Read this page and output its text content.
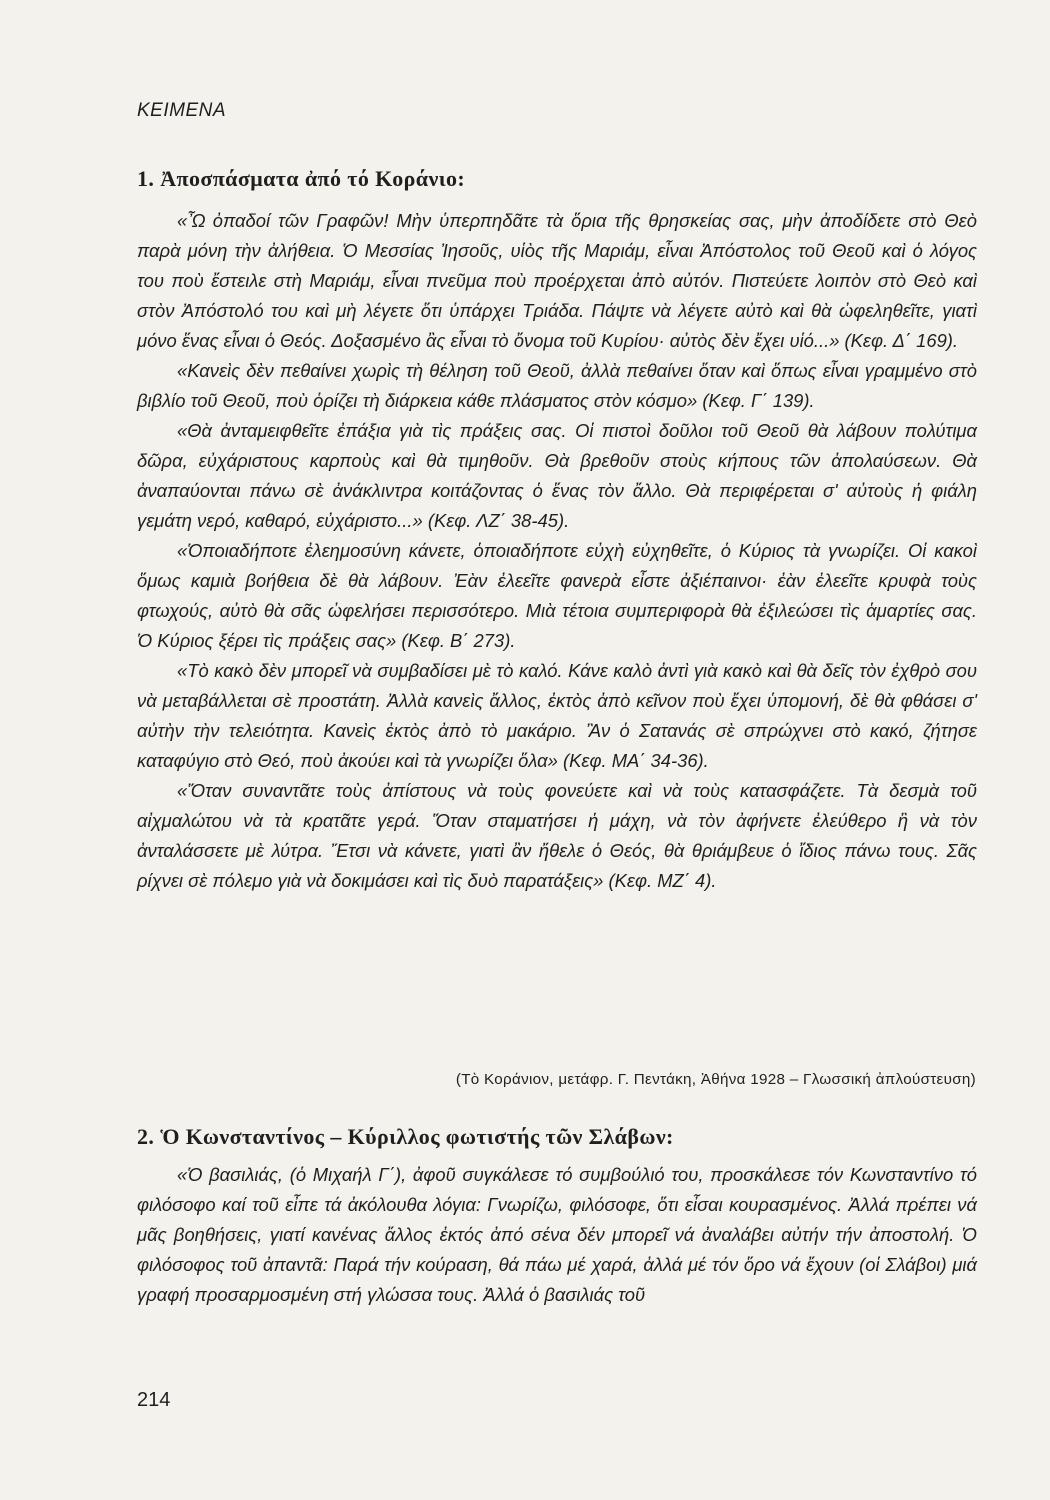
ΚΕΙΜΕΝΑ
1. Ἀποσπάσματα ἀπό τό Κοράνιο:

«Ὦ ὀπαδοί τῶν Γραφῶν! Μὴν ὑπερπηδᾶτε τὰ ὅρια τῆς θρησκείας σας, μὴν ἀποδίδετε στὸ Θεὸ παρὰ μόνη τὴν ἀλήθεια. Ὁ Μεσσίας Ἰησοῦς, υἱὸς τῆς Μαριάμ, εἶναι Ἀπόστολος τοῦ Θεοῦ καὶ ὁ λόγος του ποὺ ἔστειλε στὴ Μαριάμ, εἶναι πνεῦμα ποὺ προέρχεται ἀπὸ αὐτόν. Πιστεύετε λοιπὸν στὸ Θεὸ καὶ στὸν Ἀπόστολό του καὶ μὴ λέγετε ὅτι ὑπάρχει Τριάδα. Πάψτε νὰ λέγετε αὐτὸ καὶ θὰ ὠφεληθεῖτε, γιατὶ μόνο ἕνας εἶναι ὁ Θεός. Δοξασμένο ἂς εἶναι τὸ ὄνομα τοῦ Κυρίου· αὐτὸς δὲν ἔχει υἱό...» (Κεφ. Δ΄ 169).

«Κανεὶς δὲν πεθαίνει χωρὶς τὴ θέληση τοῦ Θεοῦ, ἀλλὰ πεθαίνει ὅταν καὶ ὅπως εἶναι γραμμένο στὸ βιβλίο τοῦ Θεοῦ, ποὺ ὁρίζει τὴ διάρκεια κάθε πλάσματος στὸν κόσμο» (Κεφ. Γ΄ 139).

«Θὰ ἀνταμειφθεῖτε ἐπάξια γιὰ τὶς πράξεις σας. Οἱ πιστοὶ δοῦλοι τοῦ Θεοῦ θὰ λάβουν πολύτιμα δῶρα, εὐχάριστους καρποὺς καὶ θὰ τιμηθοῦν. Θὰ βρεθοῦν στοὺς κήπους τῶν ἀπολαύσεων. Θὰ ἀναπαύονται πάνω σὲ ἀνάκλιντρα κοιτάζοντας ὁ ἕνας τὸν ἄλλο. Θὰ περιφέρεται σ' αὐτοὺς ἡ φιάλη γεμάτη νερό, καθαρό, εὐχάριστο...» (Κεφ. ΛΖ΄ 38-45).

«Ὁποιαδήποτε ἐλεημοσύνη κάνετε, ὁποιαδήποτε εὐχὴ εὐχηθεῖτε, ὁ Κύριος τὰ γνωρίζει. Οἱ κακοὶ ὅμως καμιὰ βοήθεια δὲ θὰ λάβουν. Ἐὰν ἐλεεῖτε φανερὰ εἶστε ἀξιέπαινοι· ἐὰν ἐλεεῖτε κρυφὰ τοὺς φτωχούς, αὐτὸ θὰ σᾶς ὠφελήσει περισσότερο. Μιὰ τέτοια συμπεριφορὰ θὰ ἐξιλεώσει τὶς ἁμαρτίες σας. Ὁ Κύριος ξέρει τὶς πράξεις σας» (Κεφ. Β΄ 273).

«Τὸ κακὸ δὲν μπορεῖ νὰ συμβαδίσει μὲ τὸ καλό. Κάνε καλὸ ἀντὶ γιὰ κακὸ καὶ θὰ δεῖς τὸν ἐχθρὸ σου νὰ μεταβάλλεται σὲ προστάτη. Ἀλλὰ κανεὶς ἄλλος, ἐκτὸς ἀπὸ κεῖνον ποὺ ἔχει ὑπομονή, δὲ θὰ φθάσει σ' αὐτὴν τὴν τελειότητα. Κανεὶς ἐκτὸς ἀπὸ τὸ μακάριο. Ἂν ὁ Σατανάς σὲ σπρώχνει στὸ κακό, ζήτησε καταφύγιο στὸ Θεό, ποὺ ἀκούει καὶ τὰ γνωρίζει ὅλα» (Κεφ. ΜΑ΄ 34-36).

«Ὅταν συναντᾶτε τοὺς ἀπίστους νὰ τοὺς φονεύετε καὶ νὰ τοὺς κατασφάζετε. Τὰ δεσμὰ τοῦ αἰχμαλώτου νὰ τὰ κρατᾶτε γερά. Ὅταν σταματήσει ἡ μάχη, νὰ τὸν ἀφήνετε ἐλεύθερο ἢ νὰ τὸν ἀνταλάσσετε μὲ λύτρα. Ἔτσι νὰ κάνετε, γιατὶ ἂν ἤθελε ὁ Θεός, θὰ θριάμβευε ὁ ἴδιος πάνω τους. Σᾶς ρίχνει σὲ πόλεμο γιὰ νὰ δοκιμάσει καὶ τὶς δυὸ παρατάξεις» (Κεφ. ΜΖ΄ 4).

(Τὸ Κοράνιον, μετάφρ. Γ. Πεντάκη, Ἀθήνα 1928 – Γλωσσική ἀπλούστευση)
2. Ὁ Κωνσταντίνος – Κύριλλος φωτιστής τῶν Σλάβων:

«Ὁ βασιλιάς, (ὁ Μιχαήλ Γ΄), ἀφοῦ συγκάλεσε τό συμβούλιό του, προσκάλεσε τόν Κωνσταντίνο τό φιλόσοφο καί τοῦ εἶπε τά ἀκόλουθα λόγια: Γνωρίζω, φιλόσοφε, ὅτι εἶσαι κουρασμένος. Ἀλλά πρέπει νά μᾶς βοηθήσεις, γιατί κανένας ἄλλος ἐκτός ἀπό σένα δέν μπορεῖ νά ἀναλάβει αὐτήν τήν ἀποστολή. Ὁ φιλόσοφος τοῦ ἀπαντᾶ: Παρά τήν κούραση, θά πάω μέ χαρά, ἀλλά μέ τόν ὅρο νά ἔχουν (οἱ Σλάβοι) μιά γραφή προσαρμοσμένη στή γλώσσα τους. Ἀλλά ὁ βασιλιάς τοῦ

214
